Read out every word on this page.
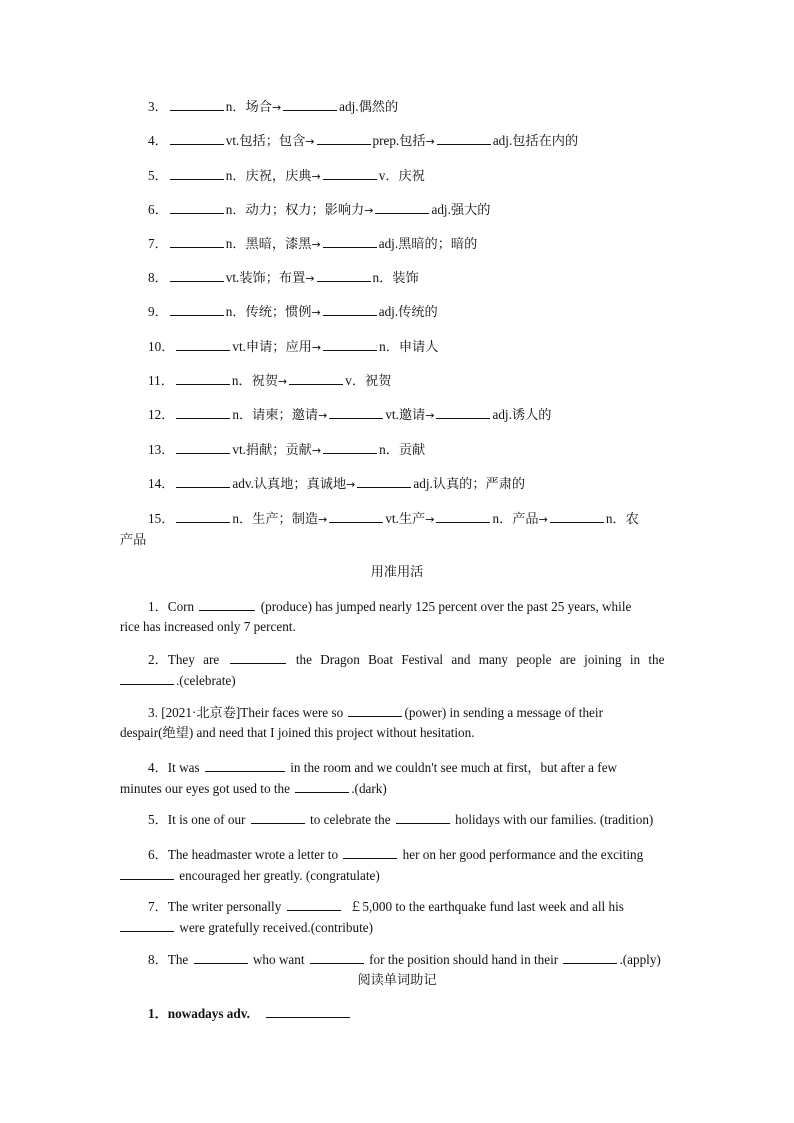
3．	n．场合→	adj.偶然的
4．	vt.包括；包含→	prep.包括→	adj.包括在内的
5．	n．庆祝，庆典→	v．庆祝
6．	n．动力；权力；影响力→	adj.强大的
7．	n．黑暗，漆黑→	adj.黑暗的；暗的
8．	vt.装饰；布置→	n．装饰
9．	n．传统；惯例→	adj.传统的
10．	vt.申请；应用→	n．申请人
11．	n．祝贺→	v．祝贺
12．	n．请柬；邀请→	vt.邀请→	adj.诱人的
13．	vt.捐献；贡献→	n．贡献
14．	adv.认真地；真诚地→	adj.认真的；严肃的
15．	n．生产；制造→	vt.生产→	n．产品→	n．农
产品
用准用活
1．Corn	(produce) has jumped nearly 125 percent over the past 25 years, while
rice has increased only 7 percent.
2．They are	the Dragon Boat Festival and many people are joining in the
.(celebrate)
3. [2021·北京卷]Their faces were so	(power) in sending a message of their
despair(绝望) and need that I joined this project without hesitation.
4．It was	in the room and we couldn't see much at first，but after a few
minutes our eyes got used to the	.(dark)
5．It is one of our	to celebrate the	holidays with our families. (tradition)
6．The headmaster wrote a letter to	her on her good performance and the exciting
encouraged her greatly. (congratulate)
7．The writer personally	￡5,000 to the earthquake fund last week and all his
were gratefully received.(contribute)
8．The	who want	for the position should hand in their	.(apply)
阅读单词助记
1．nowadays adv.
